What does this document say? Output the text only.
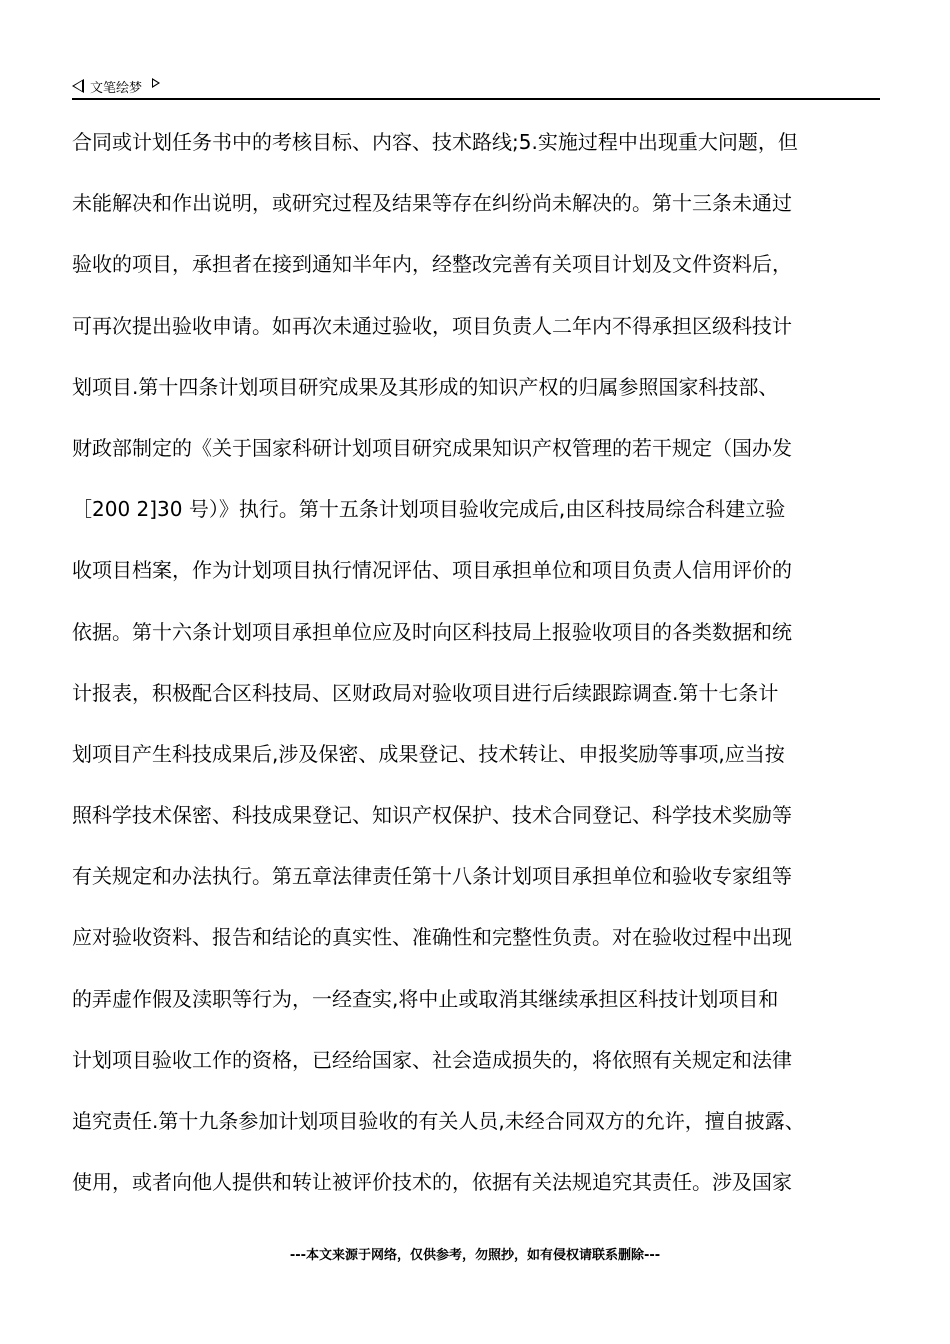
文笔绘梦
合同或计划任务书中的考核目标、内容、技术路线;5.实施过程中出现重大问题，但
未能解决和作出说明，或研究过程及结果等存在纠纷尚未解决的。第十三条未通过
验收的项目，承担者在接到通知半年内，经整改完善有关项目计划及文件资料后，
可再次提出验收申请。如再次未通过验收，项目负责人二年内不得承担区级科技计
划项目.第十四条计划项目研究成果及其形成的知识产权的归属参照国家科技部、
财政部制定的《关于国家科研计划项目研究成果知识产权管理的若干规定（国办发
［200 2]30 号）》执行。第十五条计划项目验收完成后,由区科技局综合科建立验
收项目档案，作为计划项目执行情况评估、项目承担单位和项目负责人信用评价的
依据。第十六条计划项目承担单位应及时向区科技局上报验收项目的各类数据和统
计报表，积极配合区科技局、区财政局对验收项目进行后续跟踪调查.第十七条计
划项目产生科技成果后,涉及保密、成果登记、技术转让、申报奖励等事项,应当按
照科学技术保密、科技成果登记、知识产权保护、技术合同登记、科学技术奖励等
有关规定和办法执行。第五章法律责任第十八条计划项目承担单位和验收专家组等
应对验收资料、报告和结论的真实性、准确性和完整性负责。对在验收过程中出现
的弄虚作假及渎职等行为，一经查实,将中止或取消其继续承担区科技计划项目和
计划项目验收工作的资格，已经给国家、社会造成损失的，将依照有关规定和法律
追究责任.第十九条参加计划项目验收的有关人员,未经合同双方的允许，擅自披露、
使用，或者向他人提供和转让被评价技术的，依据有关法规追究其责任。涉及国家
---本文来源于网络，仅供参考，勿照抄，如有侵权请联系删除---
